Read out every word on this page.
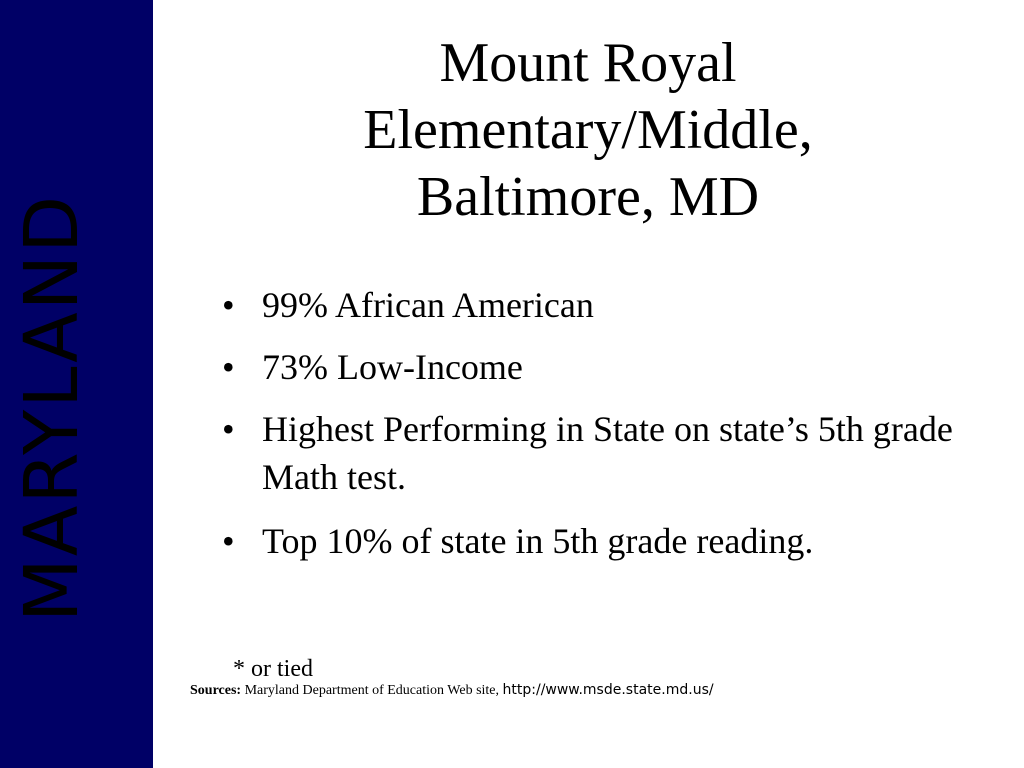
MARYLAND
Mount Royal
Elementary/Middle,
Baltimore, MD
• 99% African American
• 73% Low-Income
• Highest Performing in State on state’s 5th grade Math test.
• Top 10% of state in 5th grade reading.
* or tied
Sources: Maryland Department of Education Web site, http://www.msde.state.md.us/
